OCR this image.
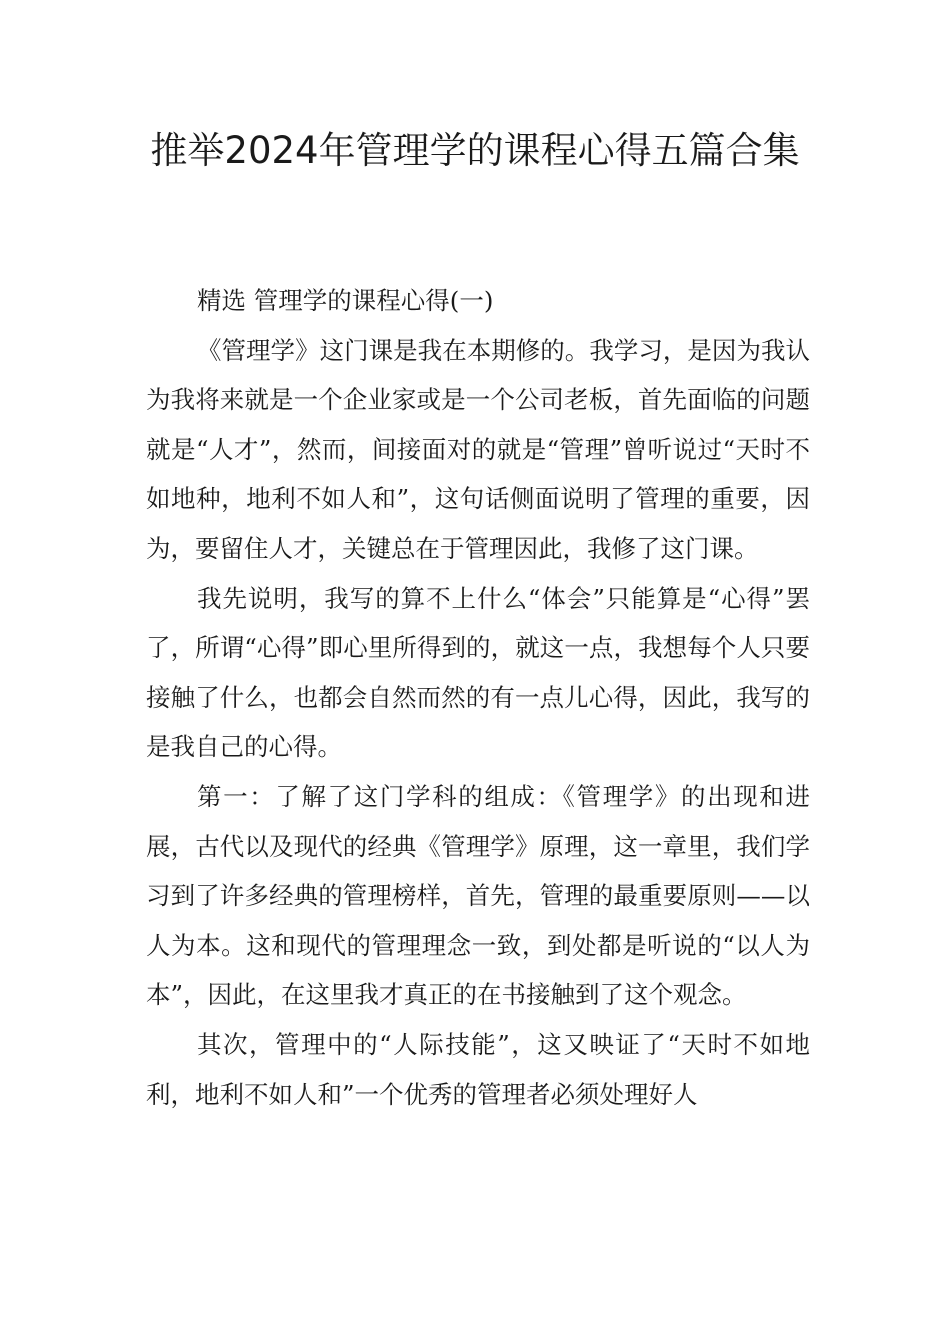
推举2024年管理学的课程心得五篇合集

精选 管理学的课程心得(一)

《管理学》这门课是我在本期修的。我学习，是因为我认为我将来就是一个企业家或是一个公司老板，首先面临的问题就是“人才”，然而，间接面对的就是“管理”曾听说过“天时不如地种，地利不如人和”，这句话侧面说明了管理的重要，因为，要留住人才，关键总在于管理因此，我修了这门课。

我先说明，我写的算不上什么“体会”只能算是“心得”罢了，所谓“心得”即心里所得到的，就这一点，我想每个人只要接触了什么，也都会自然而然的有一点儿心得，因此，我写的是我自己的心得。

第一：了解了这门学科的组成：《管理学》的出现和进展，古代以及现代的经典《管理学》原理，这一章里，我们学习到了许多经典的管理榜样，首先，管理的最重要原则——以人为本。这和现代的管理理念一致，到处都是听说的“以人为本”，因此，在这里我才真正的在书接触到了这个观念。

其次，管理中的“人际技能”，这又映证了“天时不如地利，地利不如人和”一个优秀的管理者必须处理好人
